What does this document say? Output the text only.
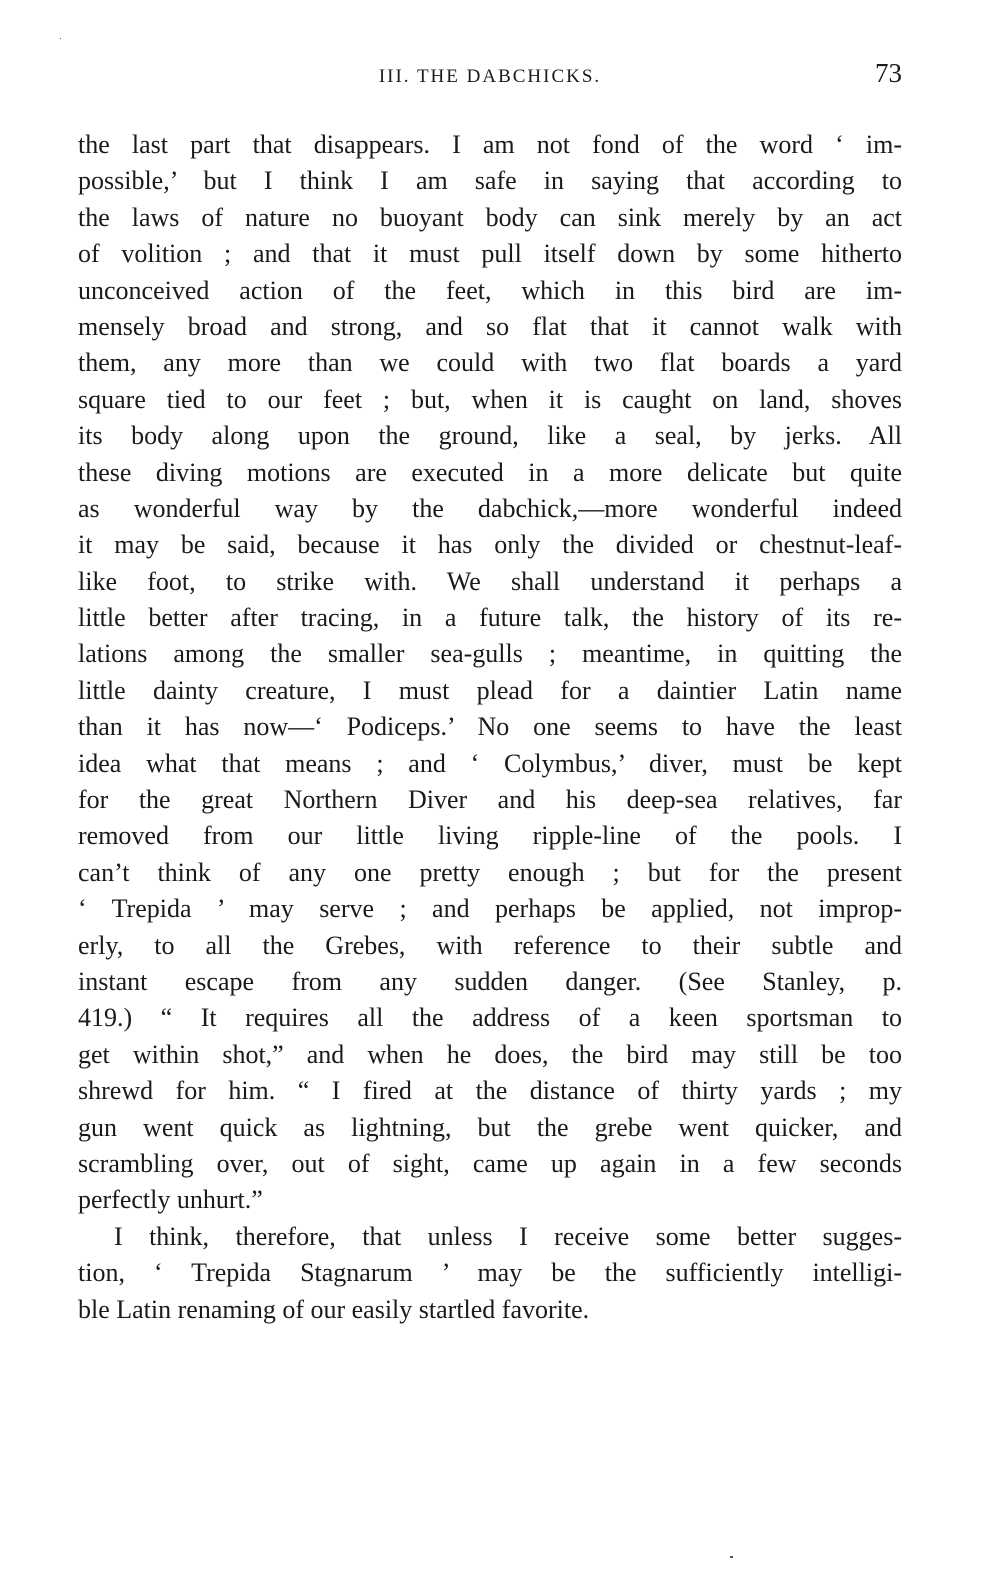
III. THE DABCHICKS.	73
the last part that disappears. I am not fond of the word ‘ im-
possible,’ but I think I am safe in saying that according to
the laws of nature no buoyant body can sink merely by an act
of volition ; and that it must pull itself down by some hitherto
unconceived action of the feet, which in this bird are im-
mensely broad and strong, and so flat that it cannot walk with
them, any more than we could with two flat boards a yard
square tied to our feet ; but, when it is caught on land, shoves
its body along upon the ground, like a seal, by jerks. All
these diving motions are executed in a more delicate but quite
as wonderful way by the dabchick,—more wonderful indeed
it may be said, because it has only the divided or chestnut-leaf-
like foot, to strike with. We shall understand it perhaps a
little better after tracing, in a future talk, the history of its re-
lations among the smaller sea-gulls ; meantime, in quitting the
little dainty creature, I must plead for a daintier Latin name
than it has now—‘ Podiceps.’ No one seems to have the least
idea what that means ; and ‘ Colymbus,’ diver, must be kept
for the great Northern Diver and his deep-sea relatives, far
removed from our little living ripple-line of the pools. I
can’t think of any one pretty enough ; but for the present
‘ Trepida ’ may serve ; and perhaps be applied, not improp-
erly, to all the Grebes, with reference to their subtle and
instant escape from any sudden danger. (See Stanley, p.
419.) “ It requires all the address of a keen sportsman to
get within shot,” and when he does, the bird may still be too
shrewd for him. “ I fired at the distance of thirty yards ; my
gun went quick as lightning, but the grebe went quicker, and
scrambling over, out of sight, came up again in a few seconds
perfectly unhurt.”
I think, therefore, that unless I receive some better sugges-
tion, ‘ Trepida Stagnarum ’ may be the sufficiently intelligi-
ble Latin renaming of our easily startled favorite.
